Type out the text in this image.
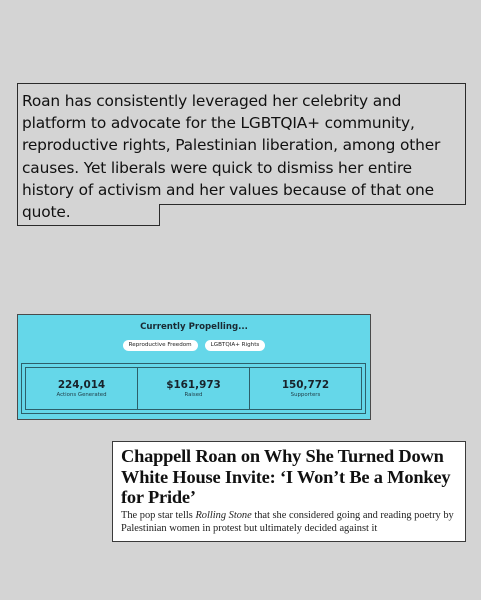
Roan has consistently leveraged her celebrity and platform to advocate for the LGBTQIA+ community, reproductive rights, Palestinian liberation, among other causes. Yet liberals were quick to dismiss her entire history of activism and her values because of that one quote.

Currently Propelling...
Reproductive Freedom	LGBTQIA+ Rights
224,014
Actions Generated
$161,973
Raised
150,772
Supporters
Chappell Roan on Why She Turned Down White House Invite: ‘I Won’t Be a Monkey for Pride’

The pop star tells Rolling Stone that she considered going and reading poetry by Palestinian women in protest but ultimately decided against it
